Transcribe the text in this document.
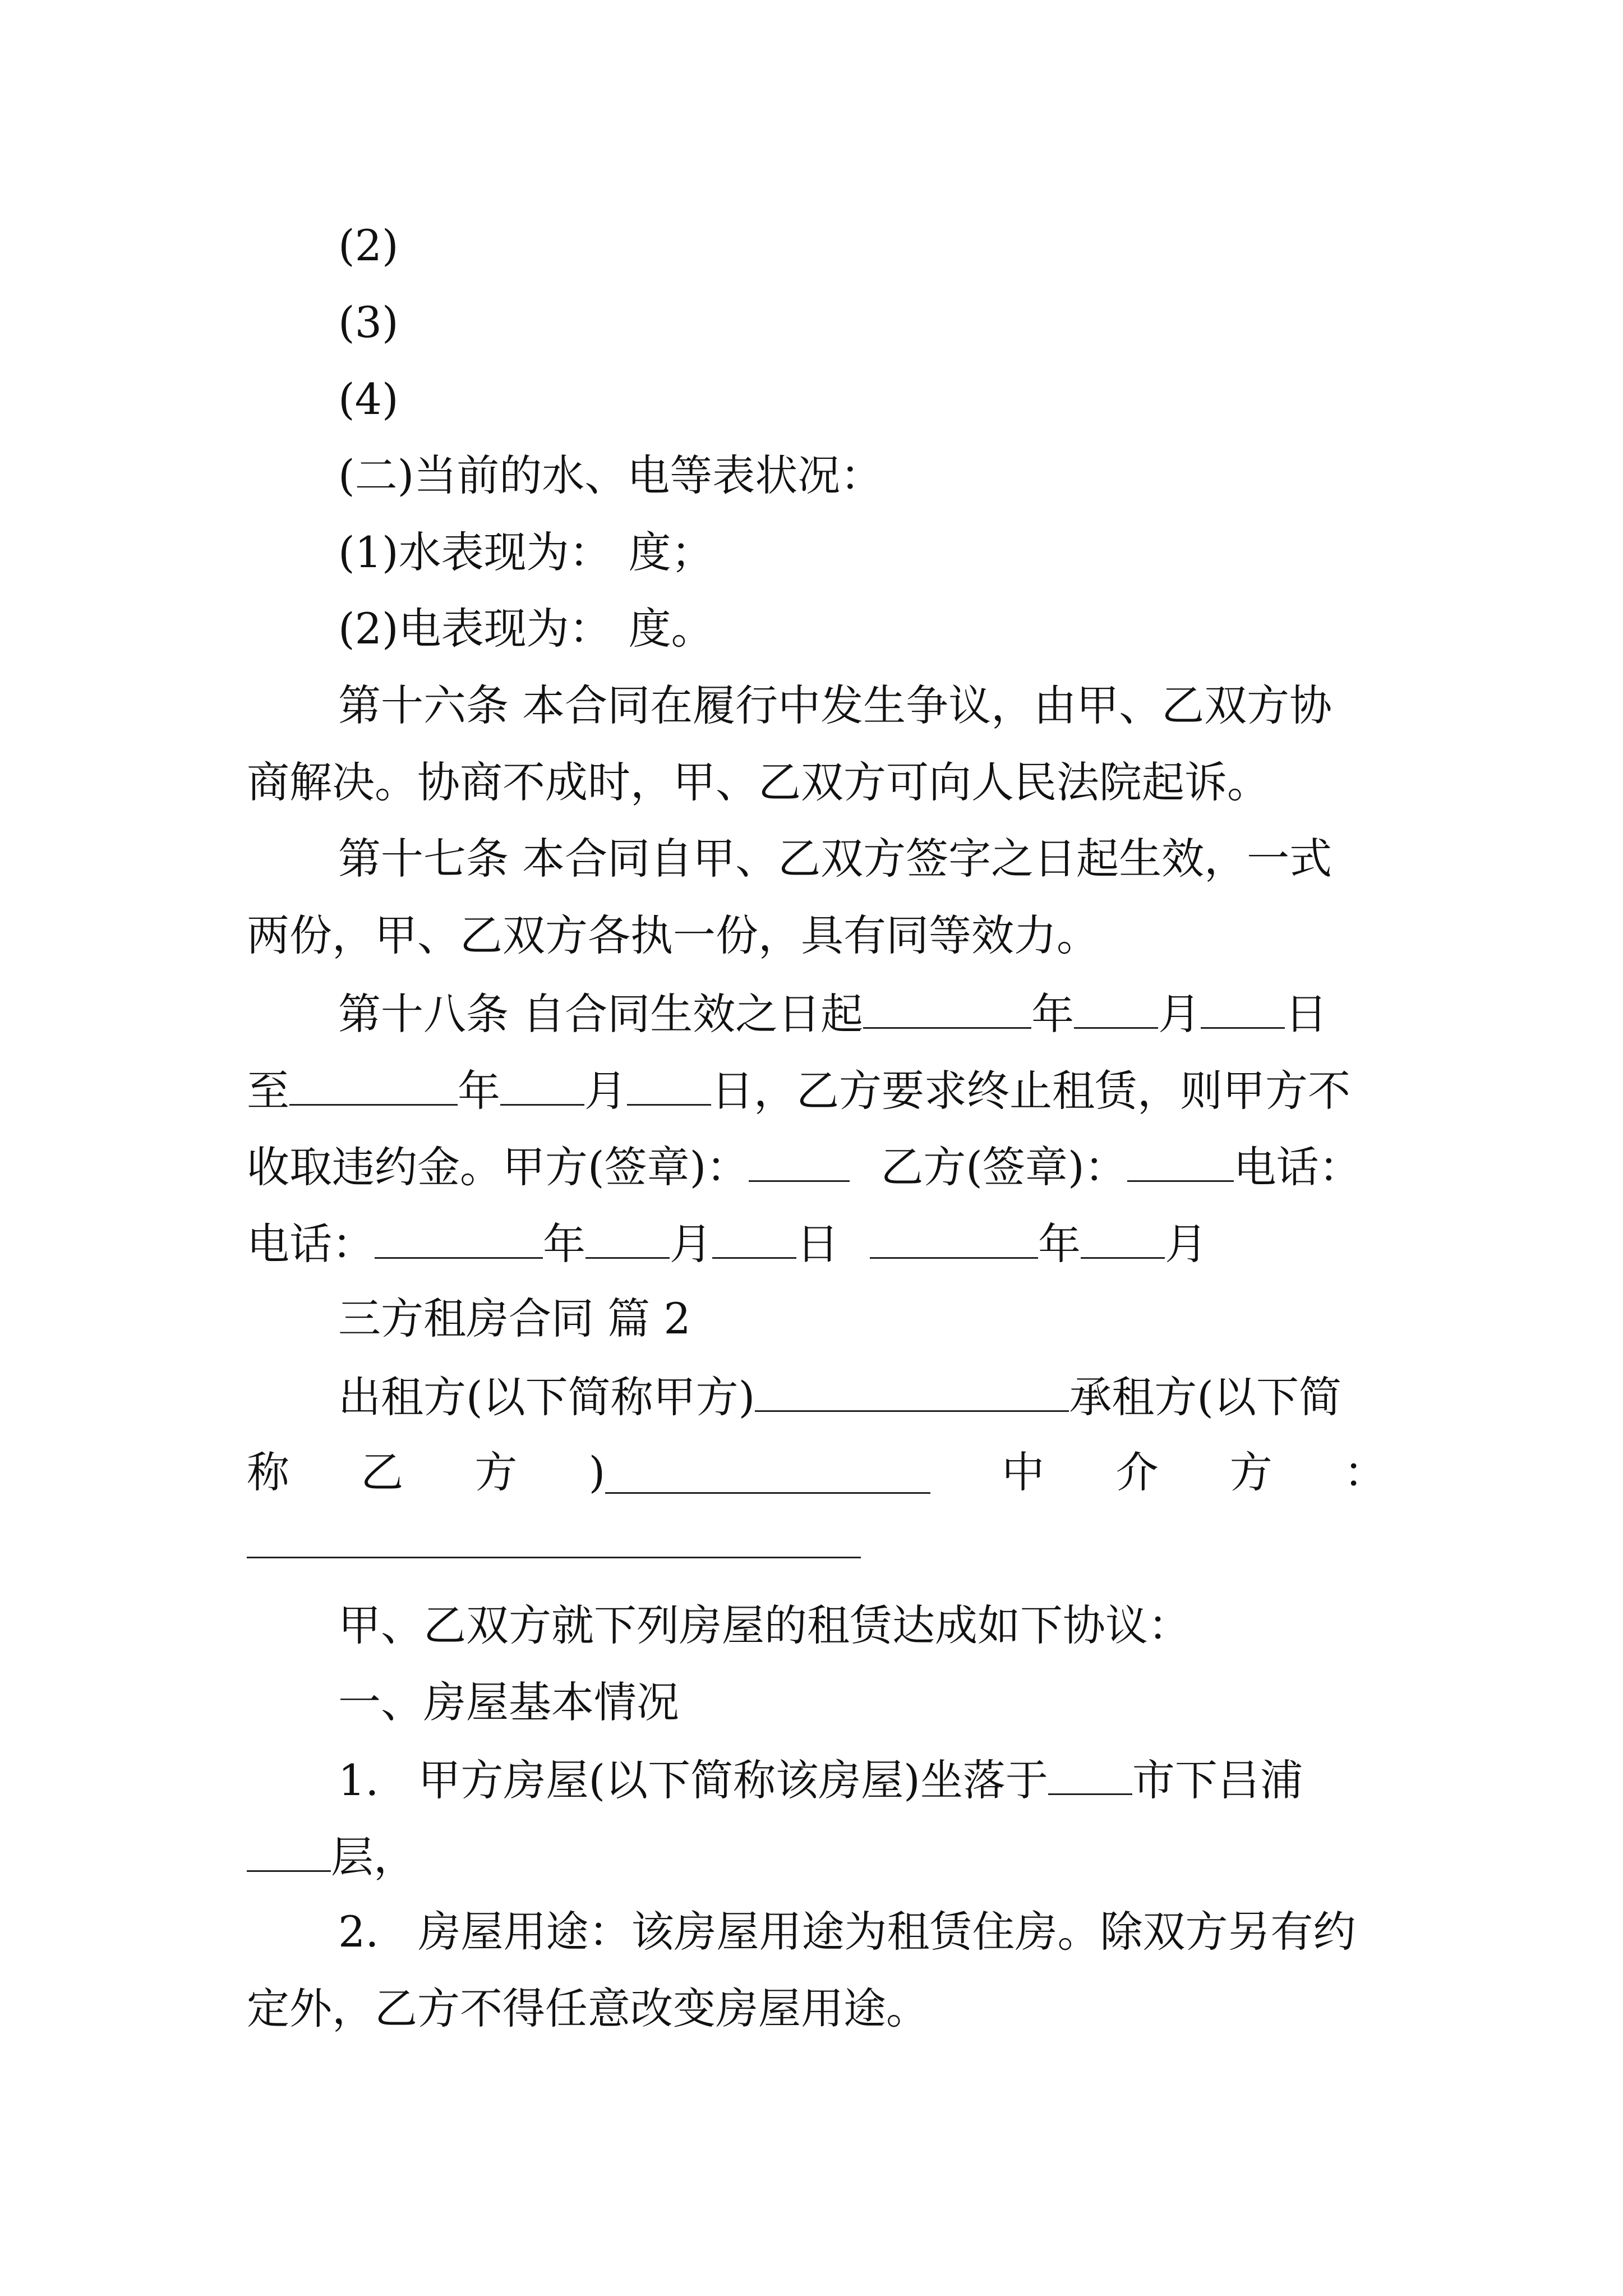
(2)
(3)
(4)
(二)当前的水、电等表状况：
(1)水表现为： 度；
(2)电表现为： 度。
第十六条 本合同在履行中发生争议，由甲、乙双方协
商解决。协商不成时，甲、乙双方可向人民法院起诉。
第十七条 本合同自甲、乙双方签字之日起生效，一式
两份，甲、乙双方各执一份，具有同等效力。
第十八条 自合同生效之日起	年 月 日
至	年 月 日，乙方要求终止租赁，则甲方不
收取违约金。甲方(签章)：	乙方(签章)：	电话：
电话：	年 月 日	年 月
三方租房合同 篇 2
出租方(以下简称甲方)	承租方(以下简
称 乙 方 )	中 介 方 ：
甲、乙双方就下列房屋的租赁达成如下协议：
一、房屋基本情况
1. 甲方房屋(以下简称该房屋)坐落于 市下吕浦
层，
2. 房屋用途：该房屋用途为租赁住房。除双方另有约
定外，乙方不得任意改变房屋用途。
